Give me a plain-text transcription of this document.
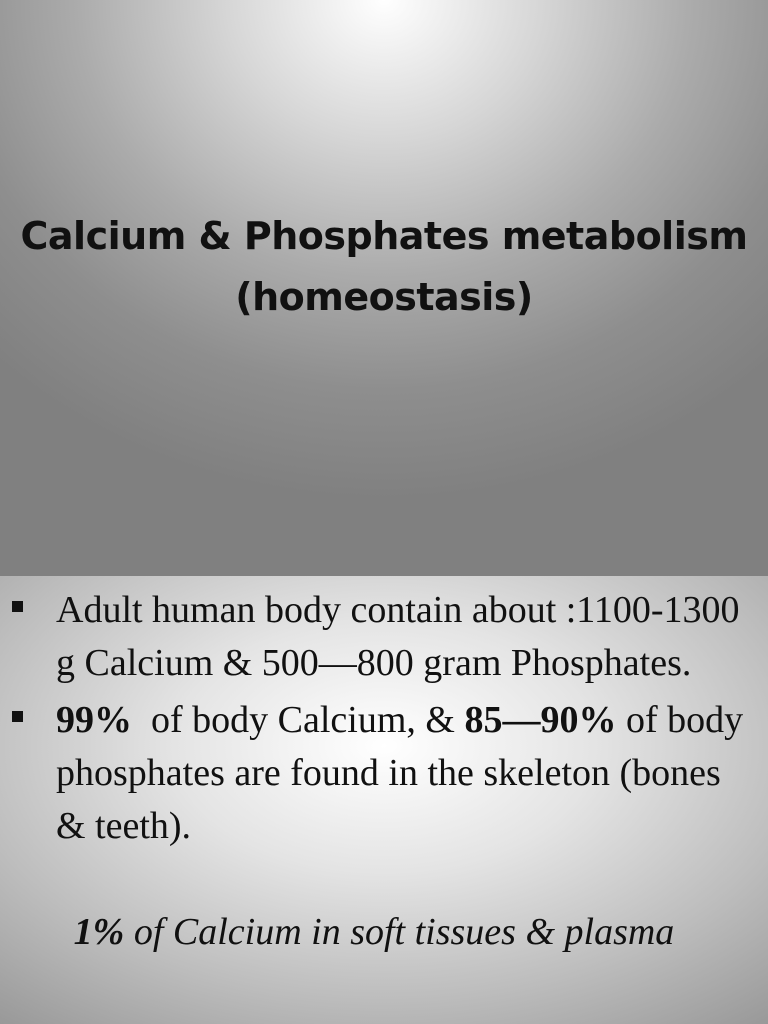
Calcium & Phosphates metabolism
(homeostasis)
Adult human body contain about :1100-1300 g Calcium & 500—800 gram Phosphates.
99%  of body Calcium, & 85—90% of body phosphates are found in the skeleton (bones & teeth).

1% of Calcium in soft tissues & plasma
